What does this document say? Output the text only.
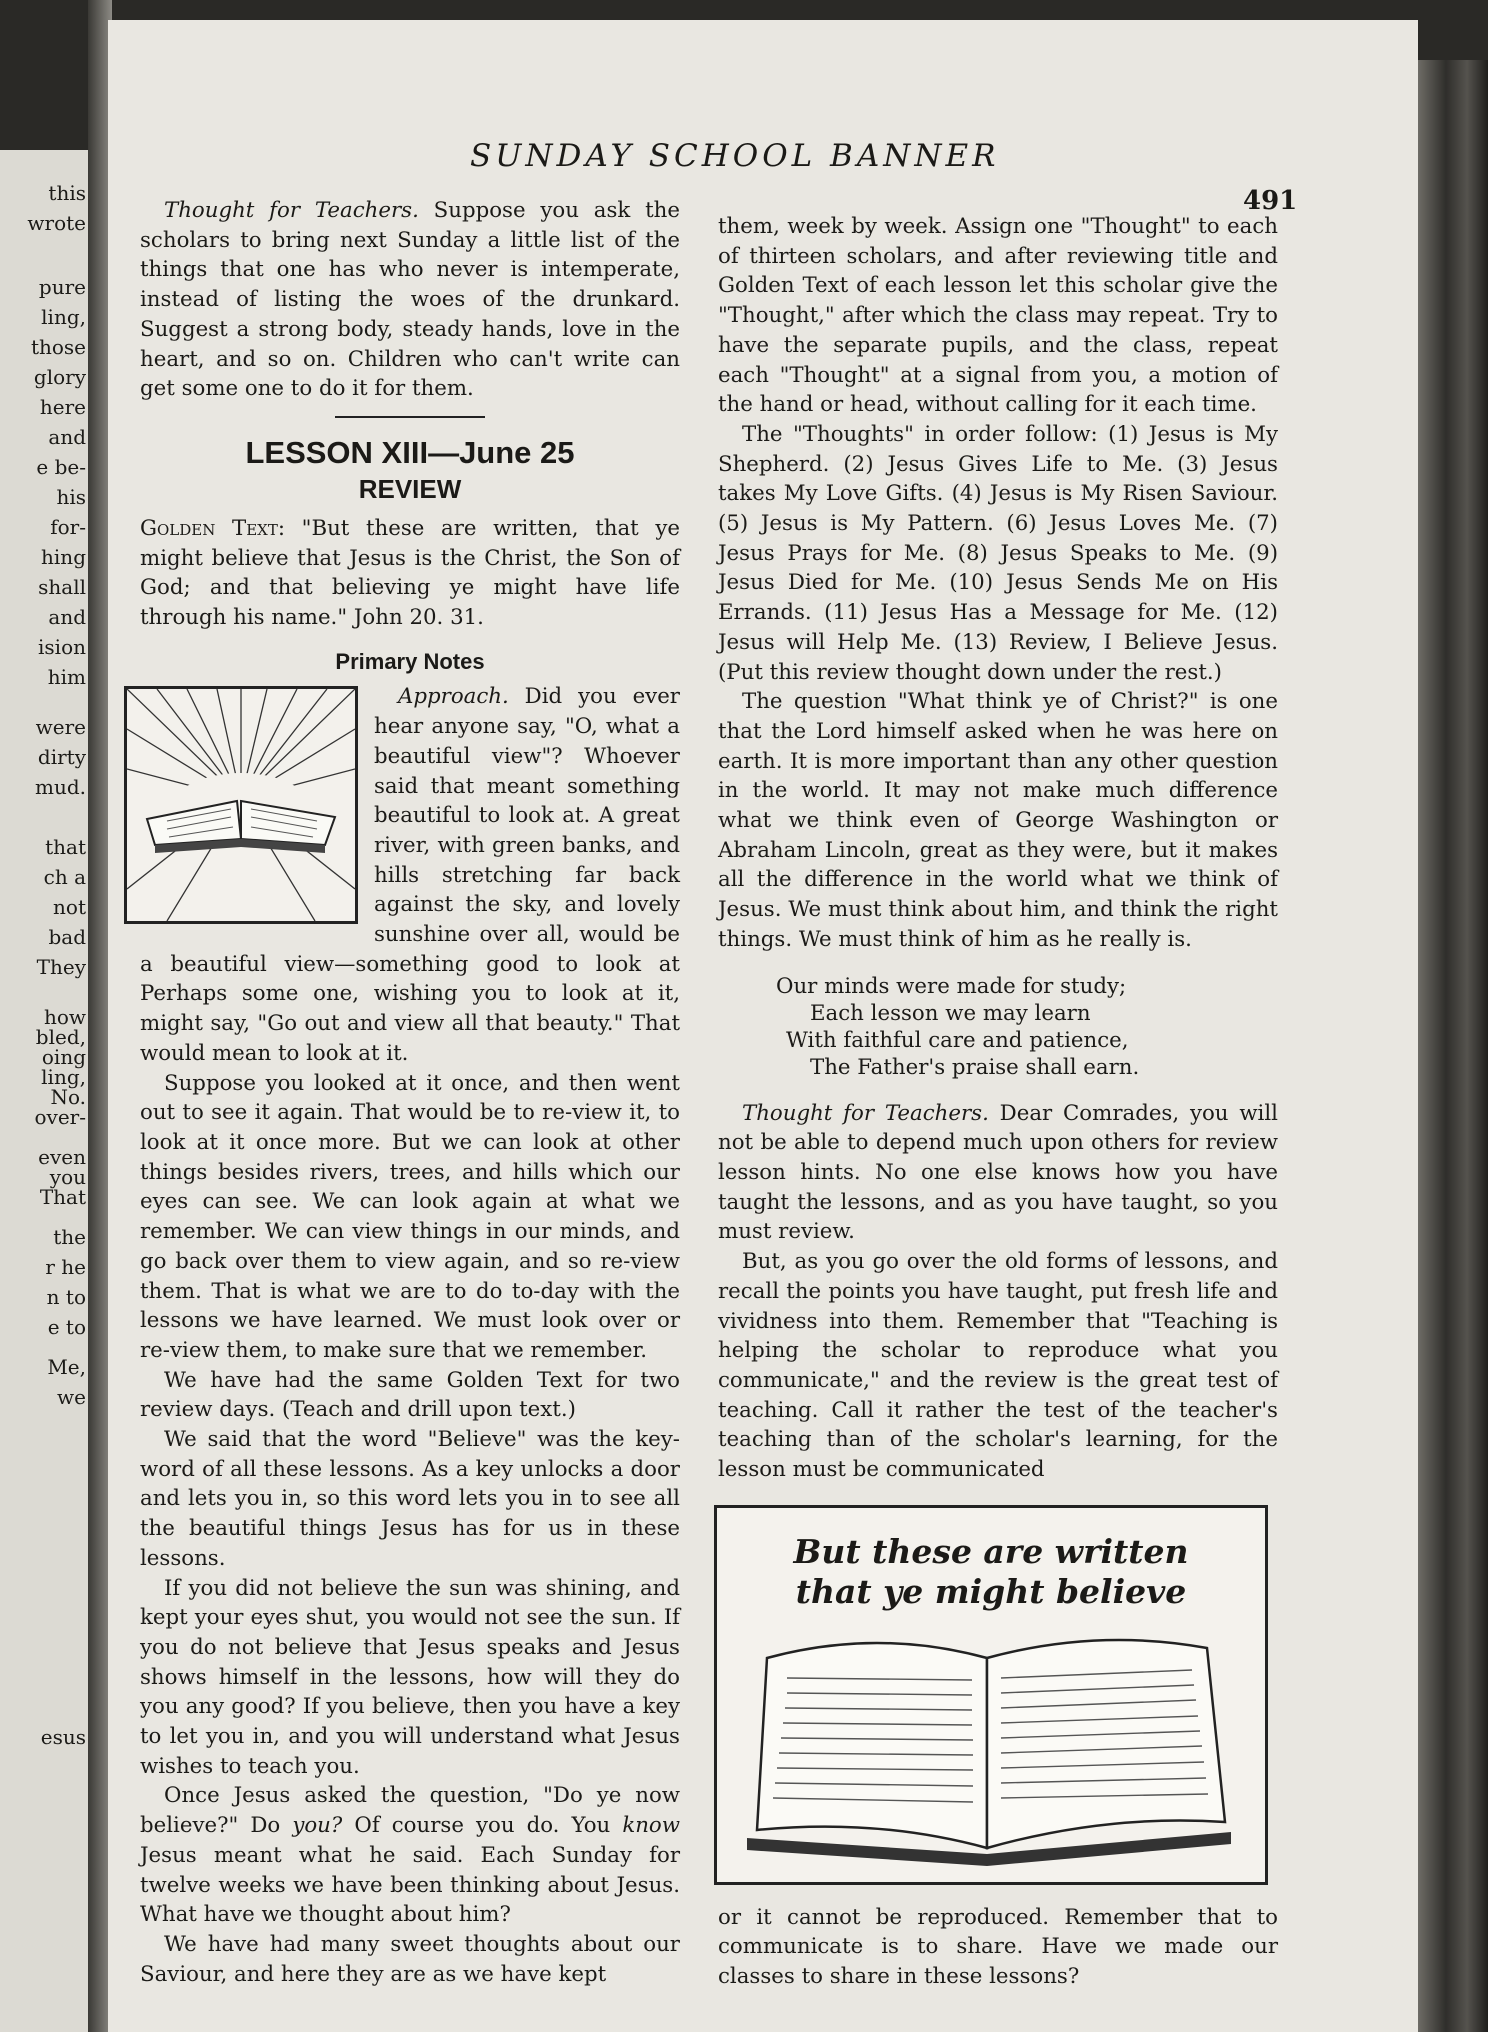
this
wrote
pure
ling,
those
glory
here
and
e be-
his
for-
hing
shall
and
ision
him
were
dirty
mud.
that
ch a
not
bad
They
how
bled,
oing
ling,
No.
over-
even
you
That
the
r he
n to
e to
Me,
we
esus
SUNDAY SCHOOL BANNER
491

Thought for Teachers. Suppose you ask the scholars to bring next Sunday a little list of the things that one has who never is intemperate, instead of listing the woes of the drunkard. Suggest a strong body, steady hands, love in the heart, and so on. Children who can't write can get some one to do it for them.

LESSON XIII—June 25
REVIEW

Golden Text: "But these are written, that ye might believe that Jesus is the Christ, the Son of God; and that believing ye might have life through his name." John 20. 31.

Primary Notes

Approach. Did you ever hear anyone say, "O, what a beautiful view"? Whoever said that meant something beautiful to look at. A great river, with green banks, and hills stretching far back against the sky, and lovely sunshine over all, would be a beautiful view—something good to look at Perhaps some one, wishing you to look at it, might say, "Go out and view all that beauty." That would mean to look at it.

Suppose you looked at it once, and then went out to see it again. That would be to re-view it, to look at it once more. But we can look at other things besides rivers, trees, and hills which our eyes can see. We can look again at what we remember. We can view things in our minds, and go back over them to view again, and so re-view them. That is what we are to do to-day with the lessons we have learned. We must look over or re-view them, to make sure that we remember.

We have had the same Golden Text for two review days. (Teach and drill upon text.)

We said that the word "Believe" was the key-word of all these lessons. As a key unlocks a door and lets you in, so this word lets you in to see all the beautiful things Jesus has for us in these lessons.

If you did not believe the sun was shining, and kept your eyes shut, you would not see the sun. If you do not believe that Jesus speaks and Jesus shows himself in the lessons, how will they do you any good? If you believe, then you have a key to let you in, and you will understand what Jesus wishes to teach you.

Once Jesus asked the question, "Do ye now believe?" Do you? Of course you do. You know Jesus meant what he said. Each Sunday for twelve weeks we have been thinking about Jesus. What have we thought about him?

We have had many sweet thoughts about our Saviour, and here they are as we have kept

them, week by week. Assign one "Thought" to each of thirteen scholars, and after reviewing title and Golden Text of each lesson let this scholar give the "Thought," after which the class may repeat. Try to have the separate pupils, and the class, repeat each "Thought" at a signal from you, a motion of the hand or head, without calling for it each time.

The "Thoughts" in order follow: (1) Jesus is My Shepherd. (2) Jesus Gives Life to Me. (3) Jesus takes My Love Gifts. (4) Jesus is My Risen Saviour. (5) Jesus is My Pattern. (6) Jesus Loves Me. (7) Jesus Prays for Me. (8) Jesus Speaks to Me. (9) Jesus Died for Me. (10) Jesus Sends Me on His Errands. (11) Jesus Has a Message for Me. (12) Jesus will Help Me. (13) Review, I Believe Jesus. (Put this review thought down under the rest.)

The question "What think ye of Christ?" is one that the Lord himself asked when he was here on earth. It is more important than any other question in the world. It may not make much difference what we think even of George Washington or Abraham Lincoln, great as they were, but it makes all the difference in the world what we think of Jesus. We must think about him, and think the right things. We must think of him as he really is.

Our minds were made for study;
Each lesson we may learn
With faithful care and patience,
The Father's praise shall earn.

Thought for Teachers. Dear Comrades, you will not be able to depend much upon others for review lesson hints. No one else knows how you have taught the lessons, and as you have taught, so you must review.

But, as you go over the old forms of lessons, and recall the points you have taught, put fresh life and vividness into them. Remember that "Teaching is helping the scholar to reproduce what you communicate," and the review is the great test of teaching. Call it rather the test of the teacher's teaching than of the scholar's learning, for the lesson must be communicated

But these are written
that ye might believe

or it cannot be reproduced. Remember that to communicate is to share. Have we made our classes to share in these lessons?
